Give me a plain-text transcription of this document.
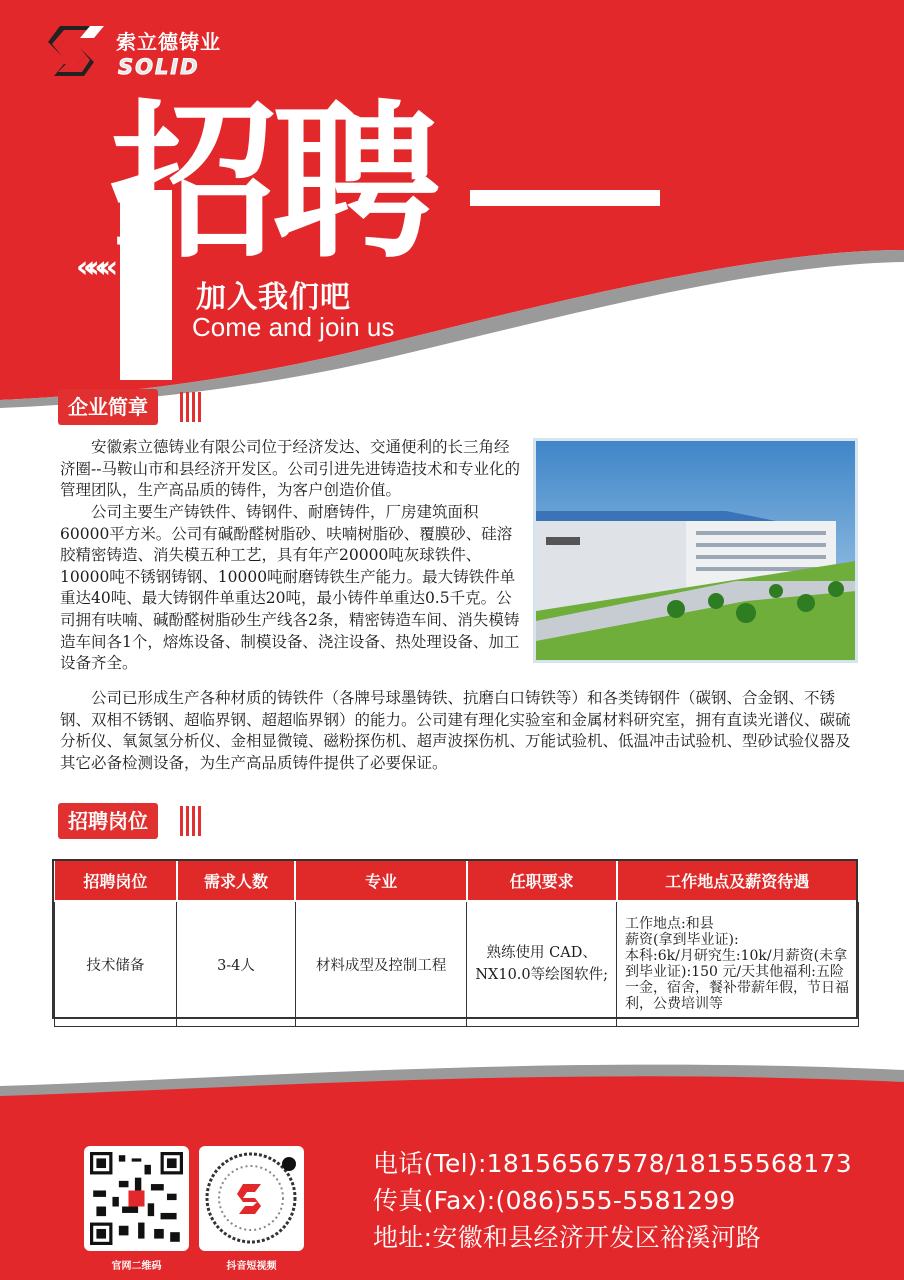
索立德铸业
SOLID
招聘
«««
加入我们吧
Come and join us
企业简章

安徽索立德铸业有限公司位于经济发达、交通便利的长三角经济圈--马鞍山市和县经济开发区。公司引进先进铸造技术和专业化的管理团队，生产高品质的铸件，为客户创造价值。

公司主要生产铸铁件、铸钢件、耐磨铸件，厂房建筑面积60000平方米。公司有碱酚醛树脂砂、呋喃树脂砂、覆膜砂、硅溶胶精密铸造、消失模五种工艺，具有年产20000吨灰球铁件、10000吨不锈钢铸钢、10000吨耐磨铸铁生产能力。最大铸铁件单重达40吨、最大铸钢件单重达20吨，最小铸件单重达0.5千克。公司拥有呋喃、碱酚醛树脂砂生产线各2条，精密铸造车间、消失模铸造车间各1个，熔炼设备、制模设备、浇注设备、热处理设备、加工设备齐全。

公司已形成生产各种材质的铸铁件（各牌号球墨铸铁、抗磨白口铸铁等）和各类铸钢件（碳钢、合金钢、不锈钢、双相不锈钢、超临界钢、超超临界钢）的能力。公司建有理化实验室和金属材料研究室，拥有直读光谱仪、碳硫分析仪、氧氮氢分析仪、金相显微镜、磁粉探伤机、超声波探伤机、万能试验机、低温冲击试验机、型砂试验仪器及其它必备检测设备，为生产高品质铸件提供了必要保证。

招聘岗位
招聘岗位	需求人数	专业	任职要求	工作地点及薪资待遇
技术储备	3-4人	材料成型及控制工程	熟练使用 CAD、NX10.0等绘图软件;	工作地点:和县
薪资(拿到毕业证):
本科:6k/月研究生:10k/月薪资(未拿到毕业证):150 元/天其他福利:五险一金，宿舍，餐补带薪年假，节日福利，公费培训等
官网二维码	抖音短视频
电话(Tel):18156567578/18155568173
传真(Fax):(086)555-5581299
地址:安徽和县经济开发区裕溪河路
